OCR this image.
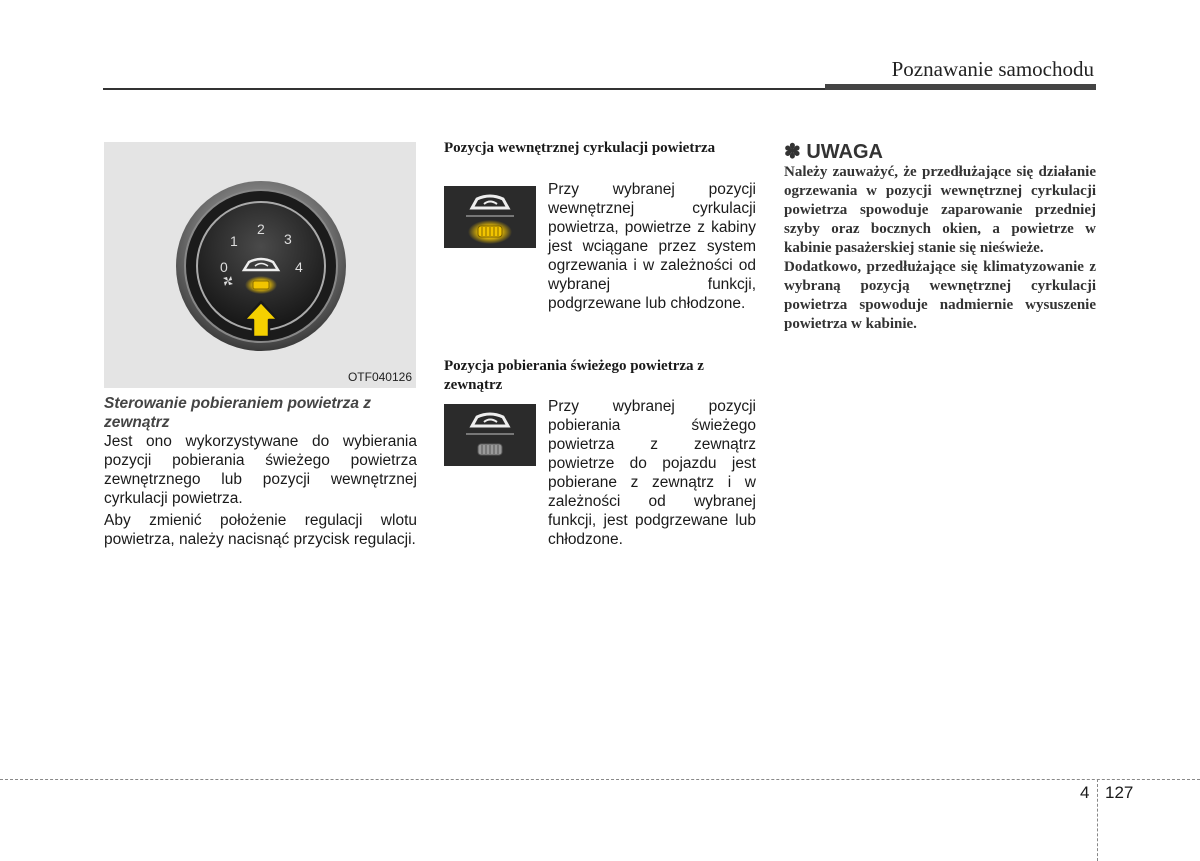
Poznawanie samochodu
1
2
3
0	4
OTF040126

Sterowanie pobieraniem powietrza z zewnątrz

Jest ono wykorzystywane do wybierania pozycji pobierania świeżego powietrza zewnętrznego lub pozycji wewnętrznej cyrkulacji powietrza.

Aby zmienić położenie regulacji wlotu powietrza, należy nacisnąć przycisk regulacji.

Pozycja wewnętrznej cyrkulacji powietrza

Przy wybranej pozycji wewnętrznej cyrkulacji powietrza, powietrze z kabiny jest wciągane przez system ogrzewania i w zależności od wybranej funkcji, podgrzewane lub chłodzone.

Pozycja pobierania świeżego powietrza z zewnątrz

Przy wybranej pozycji pobierania świeżego powietrza z zewnątrz powietrze do pojazdu jest pobierane z zewnątrz i w zależności od wybranej funkcji, jest podgrzewane lub chłodzone.

✽ UWAGA

Należy zauważyć, że przedłużające się działanie ogrzewania w pozycji wewnętrznej cyrkulacji powietrza spowoduje zaparowanie przedniej szyby oraz bocznych okien, a powietrze w kabinie pasażerskiej stanie się nieświeże.

Dodatkowo, przedłużające się klimatyzowanie z wybraną pozycją wewnętrznej cyrkulacji powietrza spowoduje nadmiernie wysuszenie powietrza w kabinie.

4 127
